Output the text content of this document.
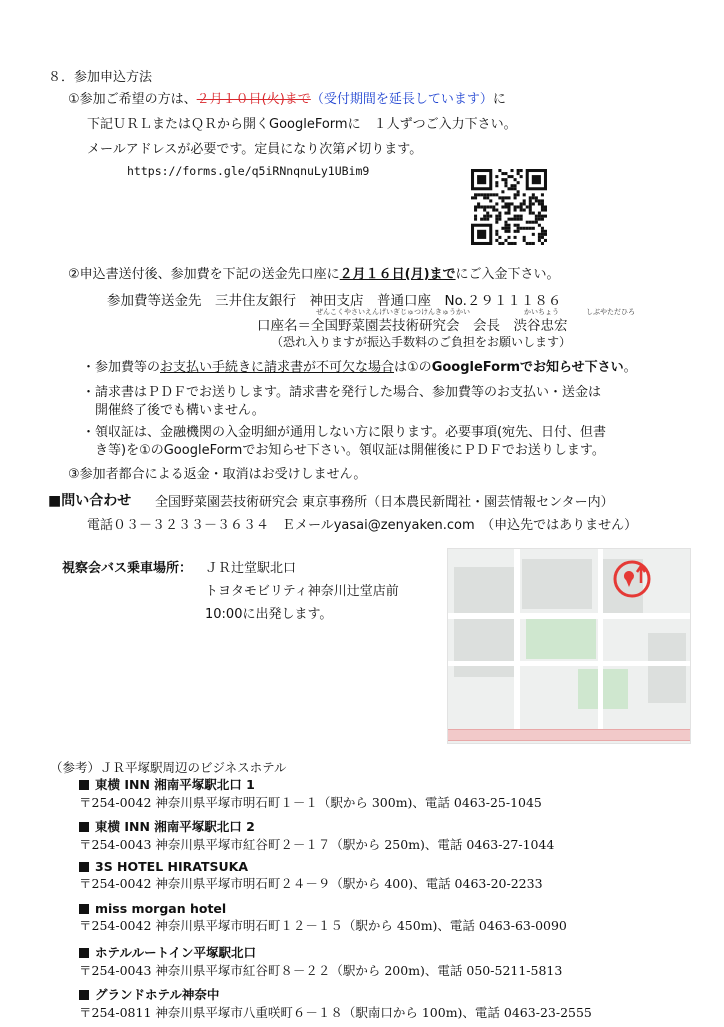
８．参加申込方法
①参加ご希望の方は、２月１０日(火)まで（受付期間を延長しています）に
下記ＵＲＬまたはＱＲから開くGoogleFormに　１人ずつご入力下さい。
メールアドレスが必要です。定員になり次第〆切ります。
https://forms.gle/q5iRNnqnuLy1UBim9
②申込書送付後、参加費を下記の送金先口座に２月１６日(月)までにご入金下さい。
参加費等送金先　三井住友銀行　神田支店　普通口座　No.２９１１１８６
ぜんこくやさいえんげいぎじゅつけんきゅうかい	かいちょう	しぶやただひろ
口座名＝全国野菜園芸技術研究会　会長　渋谷忠宏
（恐れ入りますが振込手数料のご負担をお願いします）
・参加費等のお支払い手続きに請求書が不可欠な場合は①のGoogleFormでお知らせ下さい。
・請求書はＰＤＦでお送りします。請求書を発行した場合、参加費等のお支払い・送金は
開催終了後でも構いません。
・領収証は、金融機関の入金明細が通用しない方に限ります。必要事項(宛先、日付、但書
き等)を①のGoogleFormでお知らせ下さい。領収証は開催後にＰＤＦでお送りします。
③参加者都合による返金・取消はお受けしません。
■問い合わせ 全国野菜園芸技術研究会 東京事務所（日本農民新聞社・園芸情報センター内）
電話０３－３２３３－３６３４　Ｅメールyasai@zenyaken.com　（申込先ではありません）
視察会バス乗車場所： ＪＲ辻堂駅北口
トヨタモビリティ神奈川辻堂店前
10:00に出発します。
（参考）ＪＲ平塚駅周辺のビジネスホテル
東横 INN 湘南平塚駅北口 1
〒254-0042 神奈川県平塚市明石町１－１（駅から 300m)、電話 0463-25-1045
東横 INN 湘南平塚駅北口 2
〒254-0043 神奈川県平塚市紅谷町２－１７（駅から 250m)、電話 0463-27-1044
3S HOTEL HIRATSUKA
〒254-0042 神奈川県平塚市明石町２４－９（駅から 400)、電話 0463-20-2233
miss morgan hotel
〒254-0042 神奈川県平塚市明石町１２－１５（駅から 450m)、電話 0463-63-0090
ホテルルートイン平塚駅北口
〒254-0043 神奈川県平塚市紅谷町８－２２（駅から 200m)、電話 050-5211-5813
グランドホテル神奈中
〒254-0811 神奈川県平塚市八重咲町６－１８（駅南口から 100m)、電話 0463-23-2555
